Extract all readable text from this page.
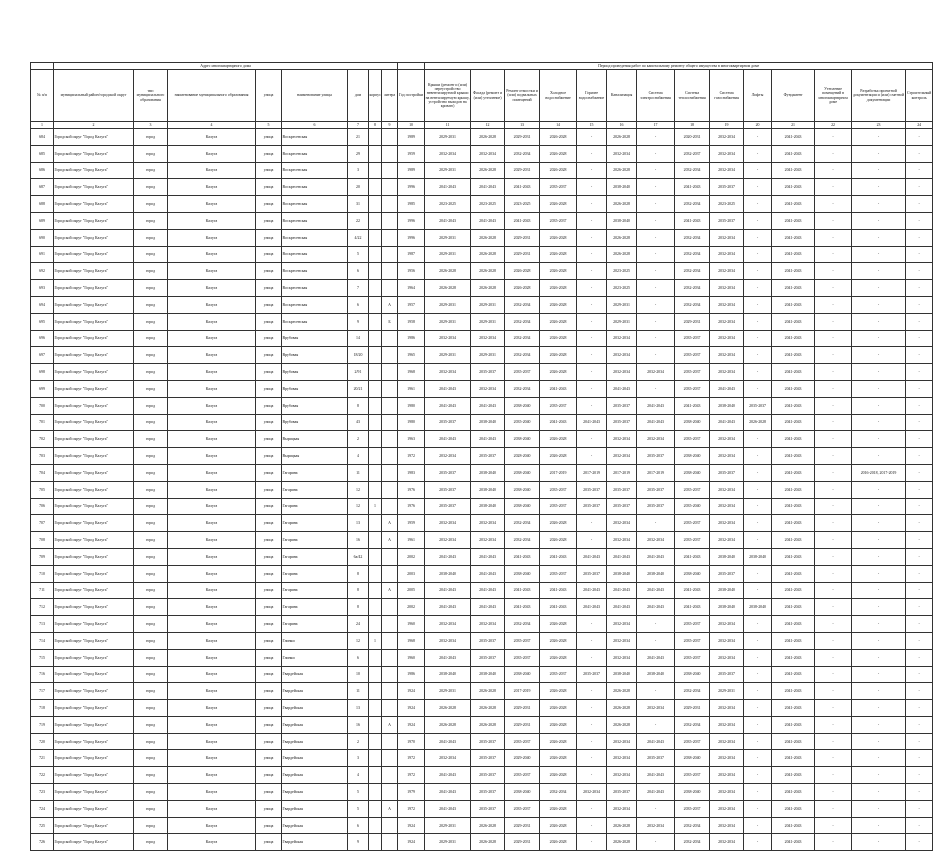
	Адрес многоквартирного дома									Период проведения работ по капитальному ремонту общего имущества в многоквартирном доме													
№ п/п	муниципальный район/городской округ	тип муниципального образования	наименование муниципального образования	улица	наименование улицы	дом	корпус	литера	Год постройки	Крыши (ремонт и (или) переустройство невентилируемой крыши на вентилируемую крышу, устройство выходов на кровлю)	Фасада (ремонт и (или) утепление)	Ремонт отмостки и (или) подвальных помещений	Холодное водоснабжение	Горячее водоснабжение	Канализация	Система электроснабжения	Система теплоснабжения	Система газоснабжения	Лифты	Фундамент	Утепление помещений в многоквартирном доме	Разработка проектной документации и (или) сметной документации	Строительный контроль
1	2	3	4	5	6	7	8	9	10	11	12	13	14	15	16	17	18	19	20	21	22	23	24
684	Городской округ "Город Калуга"	город	Калуга	улица	Воскресенская	21			1989	2029-2031	2026-2028	2029-2031	2026-2028	-	2026-2028	-	2020-2031	2032-2034	-	2041-2043	-	-	-
685	Городской округ "Город Калуга"	город	Калуга	улица	Воскресенская	29			1959	2032-2034	2032-2034	2032-2034	2026-2028	-	2032-2034	-	2032-2037	2032-2034	-	2041-2043	-	-	-
686	Городской округ "Город Калуга"	город	Калуга	улица	Воскресенская	3			1989	2029-2031	2026-2028	2029-2031	2026-2028	-	2026-2028	-	2032-2034	2032-2034	-	2041-2043	-	-	-
687	Городской округ "Город Калуга"	город	Калуга	улица	Воскресенская	20			1996	2041-2043	2041-2043	2041-2043	2035-2037	-	2038-2040	-	2041-2043	2035-2037	-	2041-2043	-	-	-
688	Городской округ "Город Калуга"	город	Калуга	улица	Воскресенская	31			1985	2023-2025	2023-2025	2023-2025	2026-2028	-	2026-2028	-	2032-2034	2023-2025	-	2041-2043	-	-	-
689	Городской округ "Город Калуга"	город	Калуга	улица	Воскресенская	22			1996	2041-2043	2041-2043	2041-2043	2035-2037	-	2038-2040	-	2041-2043	2035-2037	-	2041-2043	-	-	-
690	Городской округ "Город Калуга"	город	Калуга	улица	Воскресенская	4/22			1996	2029-2031	2026-2028	2029-2031	2026-2028	-	2026-2028	-	2032-2034	2032-2034	-	2041-2043	-	-	-
691	Городской округ "Город Калуга"	город	Калуга	улица	Воскресенская	5			1987	2029-2031	2026-2028	2029-2031	2026-2028	-	2026-2028	-	2032-2034	2032-2034	-	2041-2043	-	-	-
692	Городской округ "Город Калуга"	город	Калуга	улица	Воскресенская	6			1956	2026-2028	2026-2028	2026-2028	2026-2028	-	2023-2025	-	2032-2034	2032-2034	-	2041-2043	-	-	-
693	Городской округ "Город Калуга"	город	Калуга	улица	Воскресенская	7			1964	2026-2028	2026-2028	2026-2028	2026-2028	-	2023-2025	-	2032-2034	2032-2034	-	2041-2043	-	-	-
694	Городской округ "Город Калуга"	город	Калуга	улица	Воскресенская	6		А	1957	2029-2031	2029-2031	2032-2034	2026-2028	-	2029-2031	-	2032-2034	2032-2034	-	2041-2043	-	-	-
695	Городской округ "Город Калуга"	город	Калуга	улица	Воскресенская	9		Б	1958	2029-2031	2029-2031	2032-2034	2026-2028	-	2029-2031	-	2029-2031	2032-2034	-	2041-2043	-	-	-
696	Городской округ "Город Калуга"	город	Калуга	улица	Врубовая	14			1986	2032-2034	2032-2034	2032-2034	2026-2028	-	2032-2034	-	2035-2037	2032-2034	-	2041-2043	-	-	-
697	Городской округ "Город Калуга"	город	Калуга	улица	Врубовая	18/20			1965	2029-2031	2029-2031	2032-2034	2026-2028	-	2032-2034	-	2035-2037	2032-2034	-	2041-2043	-	-	-
698	Городской округ "Город Калуга"	город	Калуга	улица	Врубовая	2/91			1968	2032-2034	2035-2037	2035-2037	2026-2028	-	2032-2034	2032-2034	2035-2037	2032-2034	-	2041-2043	-	-	-
699	Городской округ "Город Калуга"	город	Калуга	улица	Врубовая	20/21			1961	2041-2043	2032-2034	2032-2034	2041-2043	-	2041-2043	-	2035-2037	2041-2043	-	2041-2043	-	-	-
700	Городской округ "Город Калуга"	город	Калуга	улица	Врубовая	8			1980	2041-2043	2041-2043	2038-2040	2035-2037	-	2035-2037	2041-2043	2041-2043	2038-2040	2035-2037	2041-2043	-	-	-
701	Городской округ "Город Калуга"	город	Калуга	улица	Врубовая	43			1980	2035-2037	2038-2040	2035-2040	2041-2043	2041-2043	2035-2037	2041-2043	2038-2040	2041-2043	2026-2028	2041-2043	-	-	-
702	Городской округ "Город Калуга"	город	Калуга	улица	Вырицкая	2			1963	2041-2043	2041-2043	2038-2040	2026-2028	-	2032-2034	2032-2034	2035-2037	2032-2034	-	2041-2043	-	-	-
703	Городской округ "Город Калуга"	город	Калуга	улица	Вырицкая	4			1972	2032-2034	2035-2037	2028-2040	2026-2028	-	2032-2034	2035-2037	2038-2040	2032-2034	-	2041-2043	-	-	-
704	Городской округ "Город Калуга"	город	Калуга	улица	Гагарина	11			1983	2035-2037	2038-2040	2038-2040	2017-2019	2017-2019	2017-2019	2017-2019	2038-2040	2035-2037	-	2041-2043	-	2016-2018, 2017-2019	-
705	Городской округ "Город Калуга"	город	Калуга	улица	Гагарина	12			1976	2035-2037	2038-2040	2038-2040	2035-2037	2035-2037	2035-2037	2035-2037	2035-2037	2032-2034	-	2041-2043	-	-	-
706	Городской округ "Город Калуга"	город	Калуга	улица	Гагарина	12	1		1976	2035-2037	2038-2040	2038-2040	2035-2037	2035-2037	2035-2037	2035-2037	2035-2040	2032-2034	-	2041-2043	-	-	-
707	Городской округ "Город Калуга"	город	Калуга	улица	Гагарина	13		А	1959	2032-2034	2032-2034	2032-2034	2026-2028	-	2032-2034	-	2035-2037	2032-2034	-	2041-2043	-	-	-
708	Городской округ "Город Калуга"	город	Калуга	улица	Гагарина	16		А	1961	2032-2034	2032-2034	2032-2034	2026-2028	-	2032-2034	2032-2034	2035-2037	2032-2034	-	2041-2043	-	-	-
709	Городской округ "Город Калуга"	город	Калуга	улица	Гагарина	6а/42			2002	2041-2043	2041-2043	2041-2043	2041-2043	2041-2043	2041-2043	2041-2043	2041-2043	2038-2040	2038-2040	2041-2043	-	-	-
710	Городской округ "Город Калуга"	город	Калуга	улица	Гагарина	8			2003	2038-2040	2041-2043	2038-2040	2035-2037	2035-2037	2038-2040	2038-2040	2038-2040	2035-2037	-	2041-2043	-	-	-
711	Городской округ "Город Калуга"	город	Калуга	улица	Гагарина	8		А	2005	2041-2043	2041-2043	2041-2043	2041-2043	2041-2043	2041-2043	2041-2043	2041-2043	2038-2040	-	2041-2043	-	-	-
712	Городской округ "Город Калуга"	город	Калуга	улица	Гагарина	8			2002	2041-2043	2041-2043	2041-2043	2041-2043	2041-2043	2041-2043	2041-2043	2041-2043	2038-2040	2038-2040	2041-2043	-	-	-
713	Городской округ "Город Калуга"	город	Калуга	улица	Гагарина	24			1960	2032-2034	2032-2034	2032-2034	2026-2028	-	2032-2034	-	2035-2037	2032-2034	-	2041-2043	-	-	-
714	Городской округ "Город Калуга"	город	Калуга	улица	Глинки	12	1		1968	2032-2034	2035-2037	2035-2037	2026-2028	-	2032-2034	-	2035-2037	2032-2034	-	2041-2043	-	-	-
715	Городской округ "Город Калуга"	город	Калуга	улица	Глинки	6			1960	2041-2043	2035-2037	2035-2037	2026-2028	-	2032-2034	2041-2043	2035-2037	2032-2034	-	2041-2043	-	-	-
716	Городской округ "Город Калуга"	город	Калуга	улица	Гвардейская	10			1986	2038-2040	2038-2040	2038-2040	2035-2037	2035-2037	2038-2040	2038-2040	2038-2040	2035-2037	-	2041-2043	-	-	-
717	Городской округ "Город Калуга"	город	Калуга	улица	Гвардейская	11			1924	2029-2031	2026-2028	2017-2019	2026-2028	-	2026-2028	-	2032-2034	2029-2031	-	2041-2043	-	-	-
718	Городской округ "Город Калуга"	город	Калуга	улица	Гвардейская	13			1924	2026-2028	2026-2028	2029-2031	2026-2028	-	2026-2028	2032-2034	2029-2031	2032-2034	-	2041-2043	-	-	-
719	Городской округ "Город Калуга"	город	Калуга	улица	Гвардейская	16		А	1924	2026-2028	2026-2028	2029-2031	2026-2028	-	2026-2028	-	2032-2034	2032-2034	-	2041-2043	-	-	-
720	Городской округ "Город Калуга"	город	Калуга	улица	Гвардейская	2			1970	2041-2043	2035-2037	2035-2037	2026-2028	-	2032-2034	2041-2043	2035-2037	2032-2034	-	2041-2043	-	-	-
721	Городской округ "Город Калуга"	город	Калуга	улица	Гвардейская	3			1972	2032-2034	2035-2037	2029-2040	2026-2028	-	2032-2034	2035-2037	2038-2040	2032-2034	-	2041-2043	-	-	-
722	Городской округ "Город Калуга"	город	Калуга	улица	Гвардейская	4			1972	2041-2043	2035-2037	2035-2037	2026-2028	-	2032-2034	2041-2043	2035-2037	2032-2034	-	2041-2043	-	-	-
723	Городской округ "Город Калуга"	город	Калуга	улица	Гвардейская	5			1979	2041-2043	2035-2037	2038-2040	2032-2034	2032-2034	2035-2037	2041-2043	2038-2040	2032-2034	-	2041-2043	-	-	-
724	Городской округ "Город Калуга"	город	Калуга	улица	Гвардейская	5		А	1972	2041-2043	2035-2037	2035-2037	2026-2028	-	2032-2034	-	2035-2037	2032-2034	-	2041-2043	-	-	-
725	Городской округ "Город Калуга"	город	Калуга	улица	Гвардейская	6			1924	2029-2031	2026-2028	2029-2031	2026-2028	-	2026-2028	2032-2034	2032-2034	2032-2034	-	2041-2043	-	-	-
726	Городской округ "Город Калуга"	город	Калуга	улица	Гвардейская	9			1924	2029-2031	2026-2028	2029-2031	2026-2028	-	2026-2028	-	2032-2034	2032-2034	-	2041-2043	-	-	-
